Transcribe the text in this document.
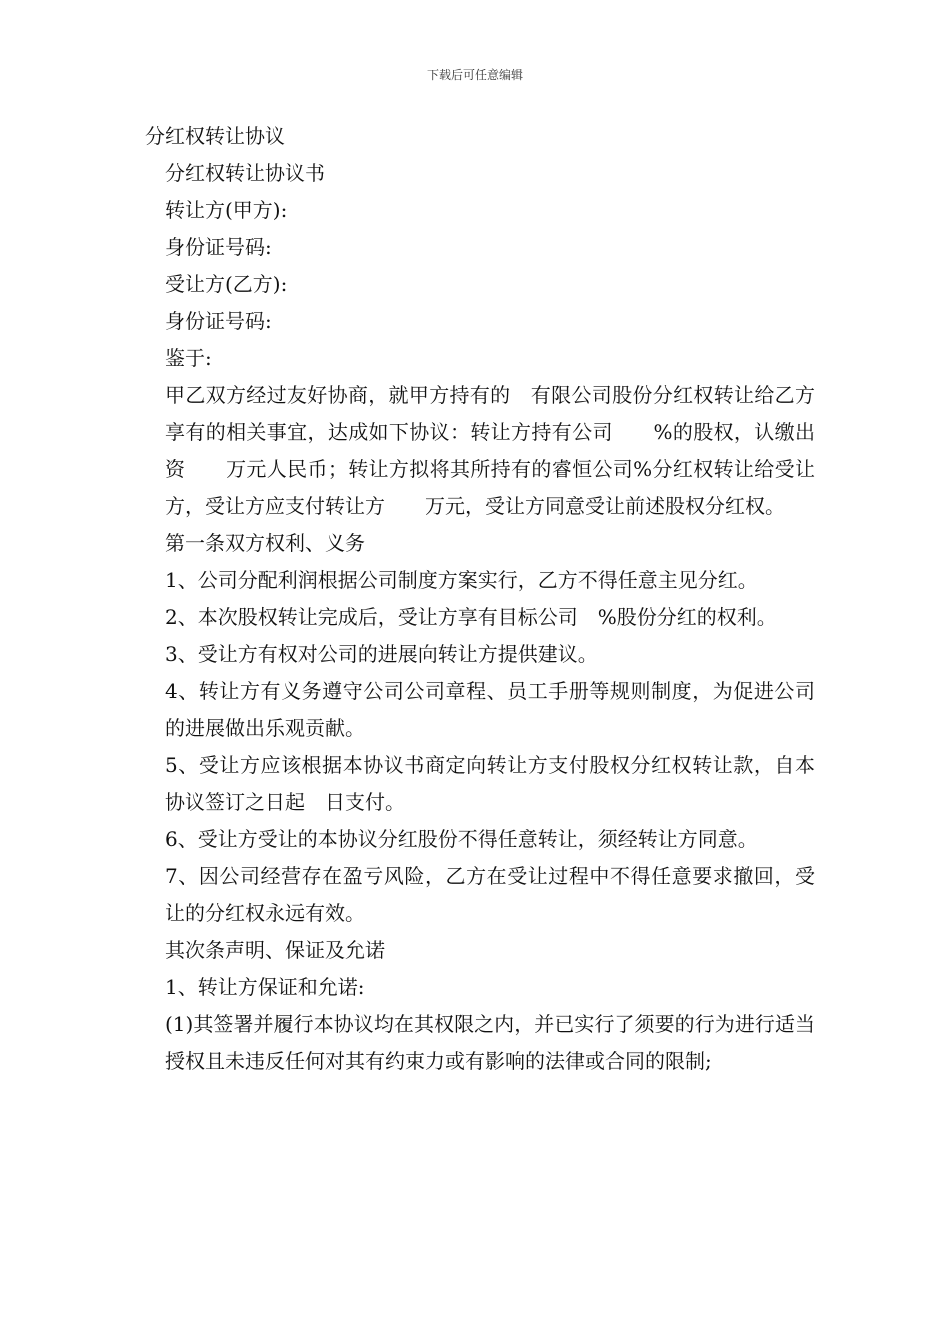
下载后可任意编辑

分红权转让协议

分红权转让协议书

转让方(甲方):

身份证号码:

受让方(乙方):

身份证号码:

鉴于:

甲乙双方经过友好协商，就甲方持有的　有限公司股份分红权转让给乙方享有的相关事宜，达成如下协议：转让方持有公司　　%的股权，认缴出资　　万元人民币；转让方拟将其所持有的睿恒公司%分红权转让给受让方，受让方应支付转让方　　万元，受让方同意受让前述股权分红权。

第一条双方权利、义务

1、公司分配利润根据公司制度方案实行，乙方不得任意主见分红。

2、本次股权转让完成后，受让方享有目标公司　%股份分红的权利。

3、受让方有权对公司的进展向转让方提供建议。

4、转让方有义务遵守公司公司章程、员工手册等规则制度，为促进公司的进展做出乐观贡献。

5、受让方应该根据本协议书商定向转让方支付股权分红权转让款，自本协议签订之日起　日支付。

6、受让方受让的本协议分红股份不得任意转让，须经转让方同意。

7、因公司经营存在盈亏风险，乙方在受让过程中不得任意要求撤回，受让的分红权永远有效。

其次条声明、保证及允诺

1、转让方保证和允诺:

(1)其签署并履行本协议均在其权限之内，并已实行了须要的行为进行适当授权且未违反任何对其有约束力或有影响的法律或合同的限制;
